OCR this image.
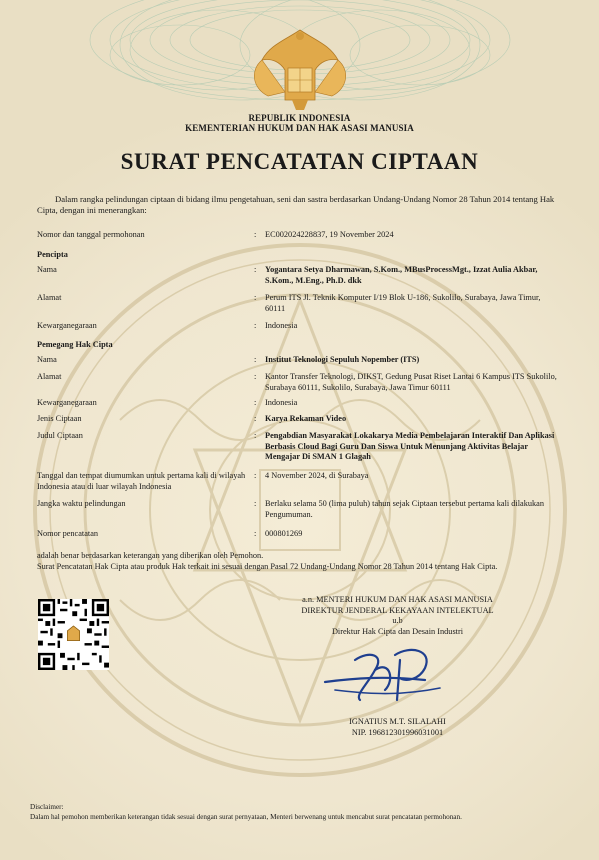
REPUBLIK INDONESIA
KEMENTERIAN HUKUM DAN HAK ASASI MANUSIA
SURAT PENCATATAN CIPTAAN
Dalam rangka pelindungan ciptaan di bidang ilmu pengetahuan, seni dan sastra berdasarkan Undang-Undang Nomor 28 Tahun 2014 tentang Hak Cipta, dengan ini menerangkan:
Nomor dan tanggal permohonan	: EC002024228837, 19 November 2024
Pencipta
Nama	: Yogantara Setya Dharmawan, S.Kom., MBusProcessMgt., Izzat Aulia Akbar, S.Kom., M.Eng., Ph.D. dkk
Alamat	: Perum ITS Jl. Teknik Komputer I/19 Blok U-186, Sukolilo, Surabaya, Jawa Timur, 60111
Kewarganegaraan	: Indonesia
Pemegang Hak Cipta
Nama	: Institut Teknologi Sepuluh Nopember (ITS)
Alamat	: Kantor Transfer Teknologi, DIKST, Gedung Pusat Riset Lantai 6 Kampus ITS Sukolilo, Surabaya 60111, Sukolilo, Surabaya, Jawa Timur 60111
Kewarganegaraan	: Indonesia
Jenis Ciptaan	: Karya Rekaman Video
Judul Ciptaan	: Pengabdian Masyarakat Lokakarya Media Pembelajaran Interaktif Dan Aplikasi Berbasis Cloud Bagi Guru Dan Siswa Untuk Menunjang Aktivitas Belajar Mengajar Di SMAN 1 Glagah
Tanggal dan tempat diumumkan untuk pertama kali di wilayah Indonesia atau di luar wilayah Indonesia
: 4 November 2024, di Surabaya
Jangka waktu pelindungan	: Berlaku selama 50 (lima puluh) tahun sejak Ciptaan tersebut pertama kali dilakukan Pengumuman.
Nomor pencatatan	: 000801269
adalah benar berdasarkan keterangan yang diberikan oleh Pemohon.
Surat Pencatatan Hak Cipta atau produk Hak terkait ini sesuai dengan Pasal 72 Undang-Undang Nomor 28 Tahun 2014 tentang Hak Cipta.
a.n. MENTERI HUKUM DAN HAK ASASI MANUSIA
DIREKTUR JENDERAL KEKAYAAN INTELEKTUAL
u.b
Direktur Hak Cipta dan Desain Industri
IGNATIUS M.T. SILALAHI
NIP. 196812301996031001
Disclaimer:
Dalam hal pemohon memberikan keterangan tidak sesuai dengan surat pernyataan, Menteri berwenang untuk mencabut surat pencatatan permohonan.
